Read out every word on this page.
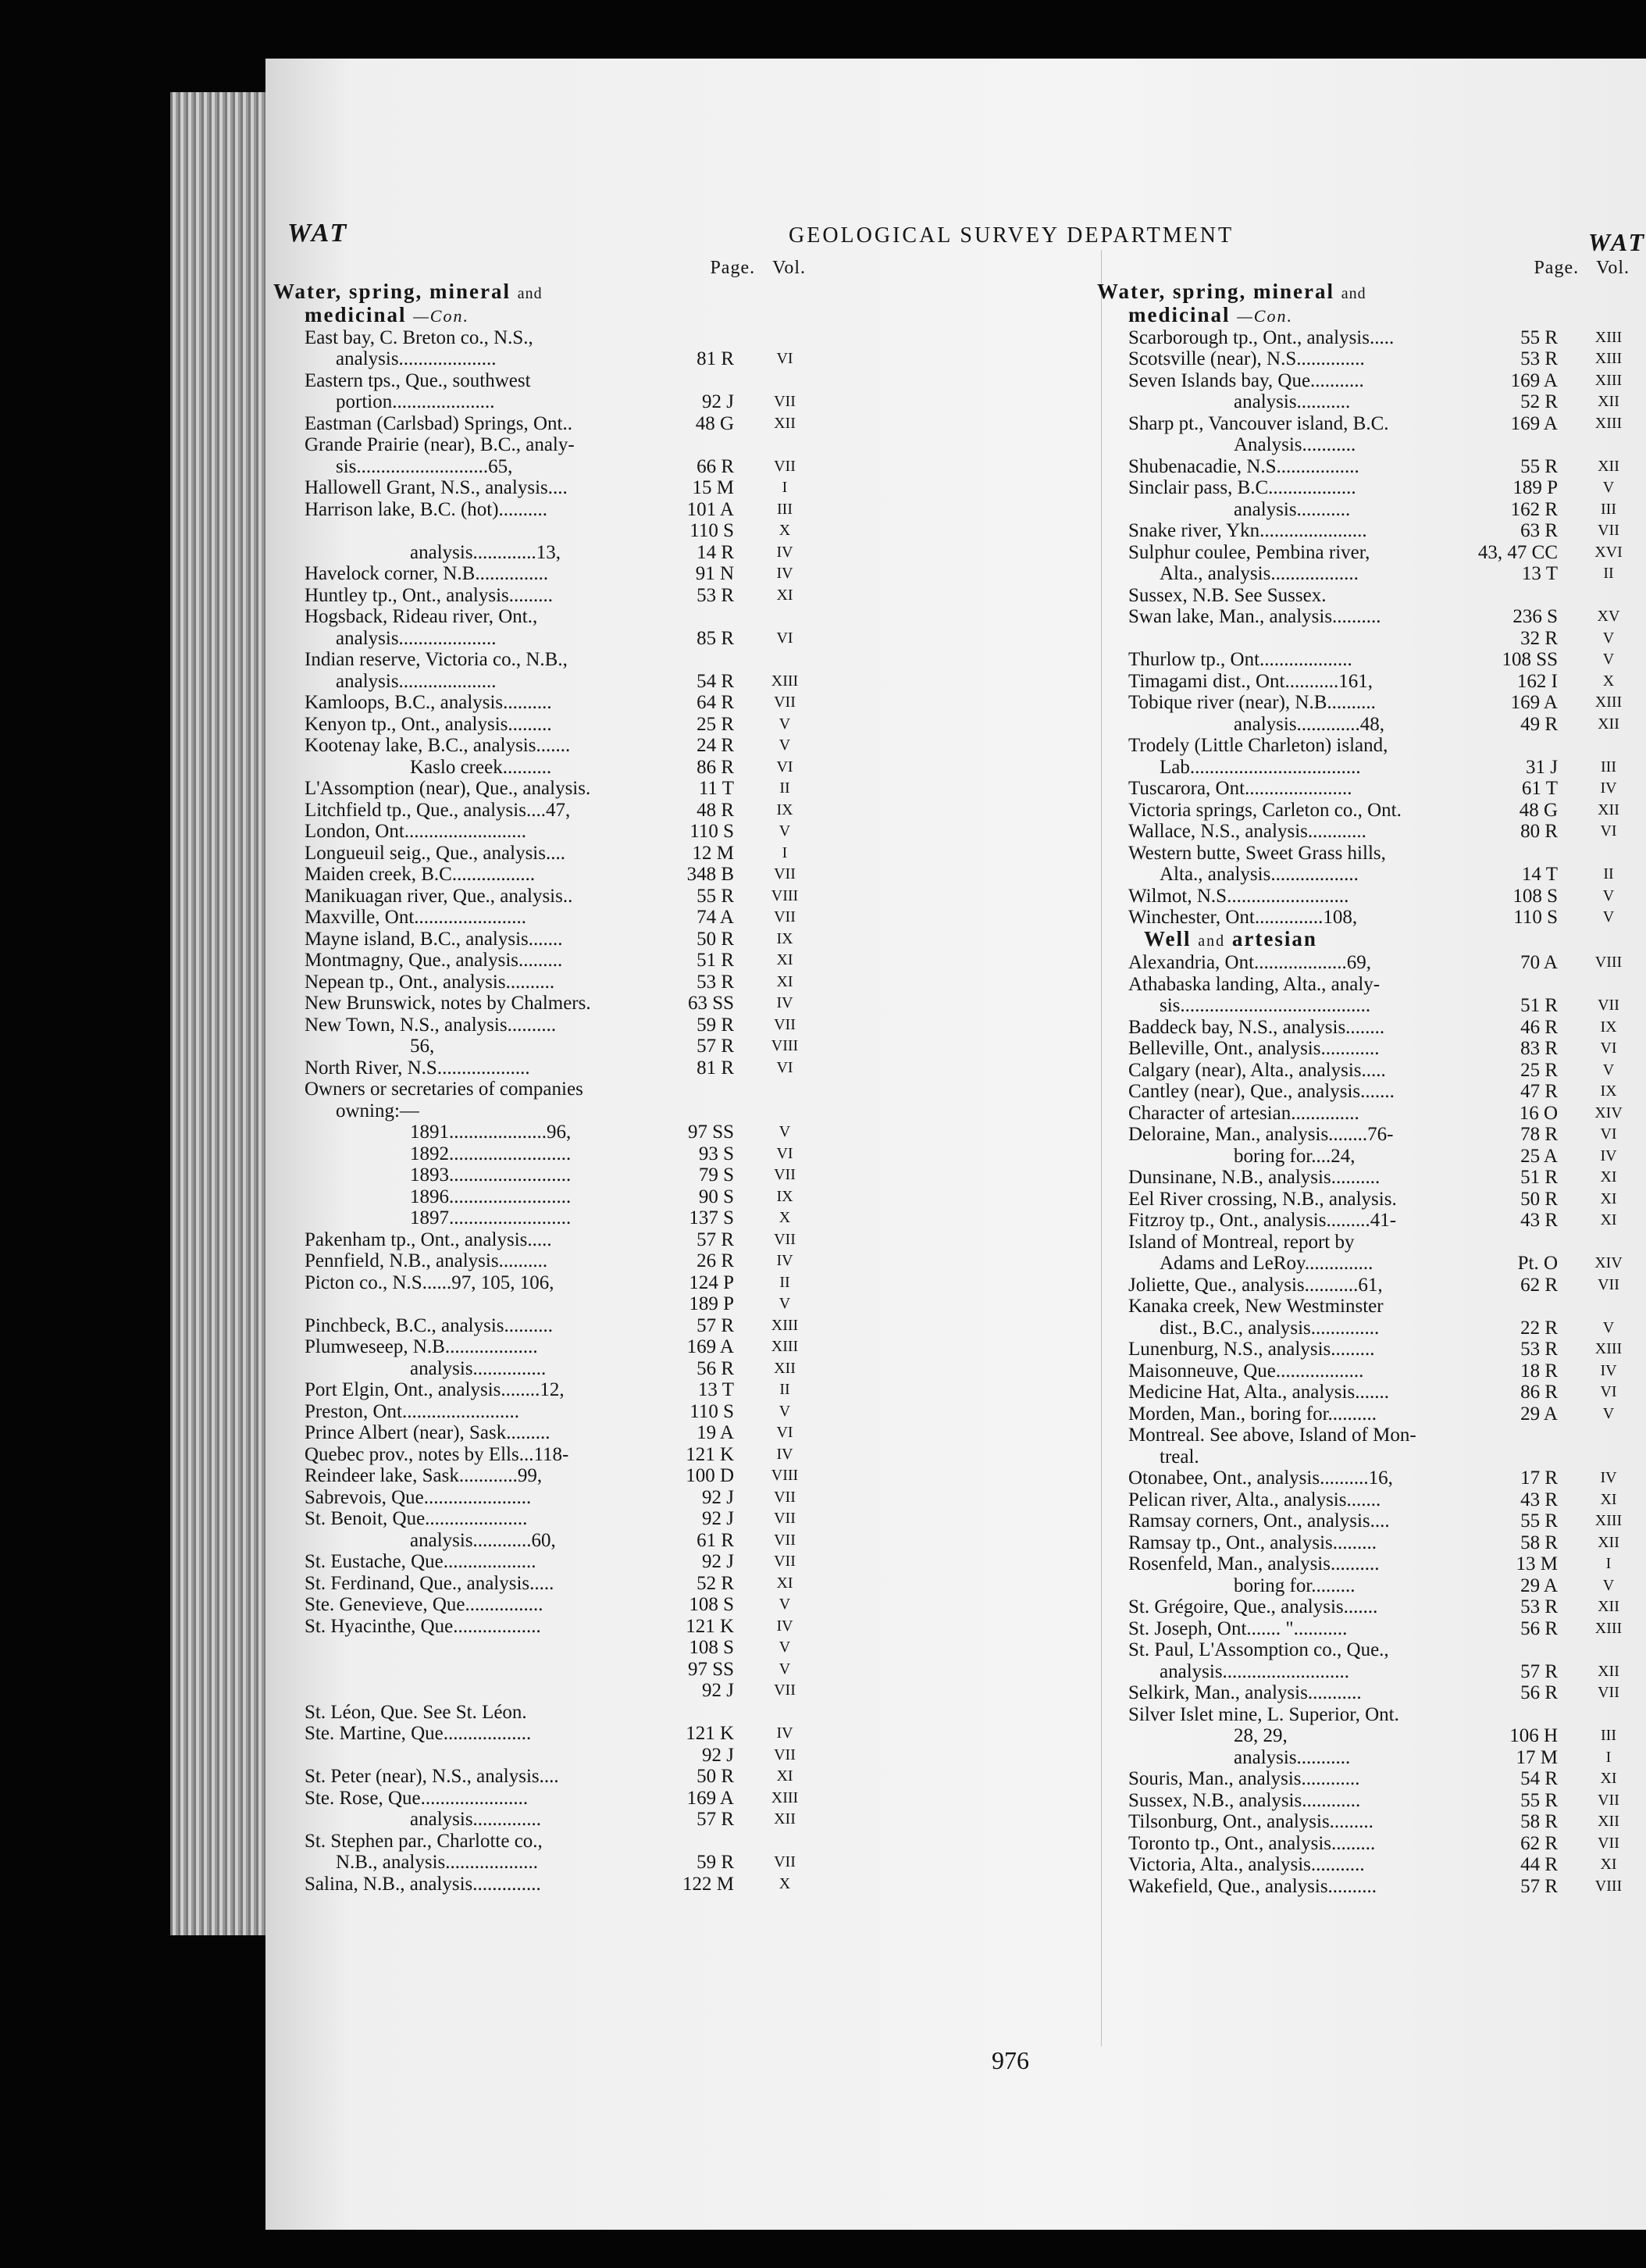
WAT	GEOLOGICAL SURVEY DEPARTMENT	WAT
Page. Vol.
Water, spring, mineral and
medicinal —Con.
East bay, C. Breton co., N.S.,
analysis....................	81 R	VI
Eastern tps., Que., southwest
portion.....................	92 J	VII
Eastman (Carlsbad) Springs, Ont..	48 G	XII
Grande Prairie (near), B.C., analy-
sis...........................65,	66 R	VII
Hallowell Grant, N.S., analysis....	15 M	I
Harrison lake, B.C. (hot)..........	101 A	III
110 S	X
analysis.............13,	14 R	IV
Havelock corner, N.B...............	91 N	IV
Huntley tp., Ont., analysis.........	53 R	XI
Hogsback, Rideau river, Ont.,
analysis....................	85 R	VI
Indian reserve, Victoria co., N.B.,
analysis....................	54 R	XIII
Kamloops, B.C., analysis..........	64 R	VII
Kenyon tp., Ont., analysis.........	25 R	V
Kootenay lake, B.C., analysis.......	24 R	V
Kaslo creek..........	86 R	VI
L'Assomption (near), Que., analysis.	11 T	II
Litchfield tp., Que., analysis....47,	48 R	IX
London, Ont.........................	110 S	V
Longueuil seig., Que., analysis....	12 M	I
Maiden creek, B.C.................	348 B	VII
Manikuagan river, Que., analysis..	55 R	VIII
Maxville, Ont.......................	74 A	VII
Mayne island, B.C., analysis.......	50 R	IX
Montmagny, Que., analysis.........	51 R	XI
Nepean tp., Ont., analysis..........	53 R	XI
New Brunswick, notes by Chalmers.	63 SS	IV
New Town, N.S., analysis..........	59 R	VII
56,	57 R	VIII
North River, N.S...................	81 R	VI
Owners or secretaries of companies
owning:—
1891....................96,	97 SS	V
1892.........................	93 S	VI
1893.........................	79 S	VII
1896.........................	90 S	IX
1897.........................	137 S	X
Pakenham tp., Ont., analysis.....	57 R	VII
Pennfield, N.B., analysis..........	26 R	IV
Picton co., N.S......97, 105, 106,	124 P	II
189 P	V
Pinchbeck, B.C., analysis..........	57 R	XIII
Plumweseep, N.B...................	169 A	XIII
analysis...............	56 R	XII
Port Elgin, Ont., analysis........12,	13 T	II
Preston, Ont........................	110 S	V
Prince Albert (near), Sask.........	19 A	VI
Quebec prov., notes by Ells...118-	121 K	IV
Reindeer lake, Sask............99,	100 D	VIII
Sabrevois, Que......................	92 J	VII
St. Benoit, Que.....................	92 J	VII
analysis............60,	61 R	VII
St. Eustache, Que...................	92 J	VII
St. Ferdinand, Que., analysis.....	52 R	XI
Ste. Genevieve, Que................	108 S	V
St. Hyacinthe, Que..................	121 K	IV
108 S	V
97 SS	V
92 J	VII
St. Léon, Que. See St. Léon.
Ste. Martine, Que..................	121 K	IV
92 J	VII
St. Peter (near), N.S., analysis....	50 R	XI
Ste. Rose, Que......................	169 A	XIII
analysis..............	57 R	XII
St. Stephen par., Charlotte co.,
N.B., analysis...................	59 R	VII
Salina, N.B., analysis..............	122 M	X
Page. Vol.
Water, spring, mineral and
medicinal —Con.
Scarborough tp., Ont., analysis.....	55 R	XIII
Scotsville (near), N.S..............	53 R	XIII
Seven Islands bay, Que...........	169 A	XIII
analysis...........	52 R	XII
Sharp pt., Vancouver island, B.C.	169 A	XIII
Analysis...........
Shubenacadie, N.S.................	55 R	XII
Sinclair pass, B.C..................	189 P	V
analysis...........	162 R	III
Snake river, Ykn......................	63 R	VII
Sulphur coulee, Pembina river,	43, 47 CC	XVI
Alta., analysis..................	13 T	II
Sussex, N.B. See Sussex.
Swan lake, Man., analysis..........	236 S	XV
32 R	V
Thurlow tp., Ont...................	108 SS	V
Timagami dist., Ont...........161,	162 I	X
Tobique river (near), N.B..........	169 A	XIII
analysis.............48,	49 R	XII
Trodely (Little Charleton) island,
Lab...................................	31 J	III
Tuscarora, Ont......................	61 T	IV
Victoria springs, Carleton co., Ont.	48 G	XII
Wallace, N.S., analysis............	80 R	VI
Western butte, Sweet Grass hills,
Alta., analysis..................	14 T	II
Wilmot, N.S.........................	108 S	V
Winchester, Ont..............108,	110 S	V
Well and artesian
Alexandria, Ont...................69,	70 A	VIII
Athabaska landing, Alta., analy-
sis.......................................	51 R	VII
Baddeck bay, N.S., analysis........	46 R	IX
Belleville, Ont., analysis............	83 R	VI
Calgary (near), Alta., analysis.....	25 R	V
Cantley (near), Que., analysis.......	47 R	IX
Character of artesian..............	16 O	XIV
Deloraine, Man., analysis........76-	78 R	VI
boring for....24,	25 A	IV
Dunsinane, N.B., analysis..........	51 R	XI
Eel River crossing, N.B., analysis.	50 R	XI
Fitzroy tp., Ont., analysis.........41-	43 R	XI
Island of Montreal, report by
Adams and LeRoy..............	Pt. O	XIV
Joliette, Que., analysis...........61,	62 R	VII
Kanaka creek, New Westminster
dist., B.C., analysis..............	22 R	V
Lunenburg, N.S., analysis.........	53 R	XIII
Maisonneuve, Que..................	18 R	IV
Medicine Hat, Alta., analysis.......	86 R	VI
Morden, Man., boring for..........	29 A	V
Montreal. See above, Island of Mon-
treal.
Otonabee, Ont., analysis..........16,	17 R	IV
Pelican river, Alta., analysis.......	43 R	XI
Ramsay corners, Ont., analysis....	55 R	XIII
Ramsay tp., Ont., analysis.........	58 R	XII
Rosenfeld, Man., analysis..........	13 M	I
boring for.........	29 A	V
St. Grégoire, Que., analysis.......	53 R	XII
St. Joseph, Ont....... "...........	56 R	XIII
St. Paul, L'Assomption co., Que.,
analysis..........................	57 R	XII
Selkirk, Man., analysis...........	56 R	VII
Silver Islet mine, L. Superior, Ont.
28, 29,	106 H	III
analysis...........	17 M	I
Souris, Man., analysis............	54 R	XI
Sussex, N.B., analysis............	55 R	VII
Tilsonburg, Ont., analysis.........	58 R	XII
Toronto tp., Ont., analysis.........	62 R	VII
Victoria, Alta., analysis...........	44 R	XI
Wakefield, Que., analysis..........	57 R	VIII
976
